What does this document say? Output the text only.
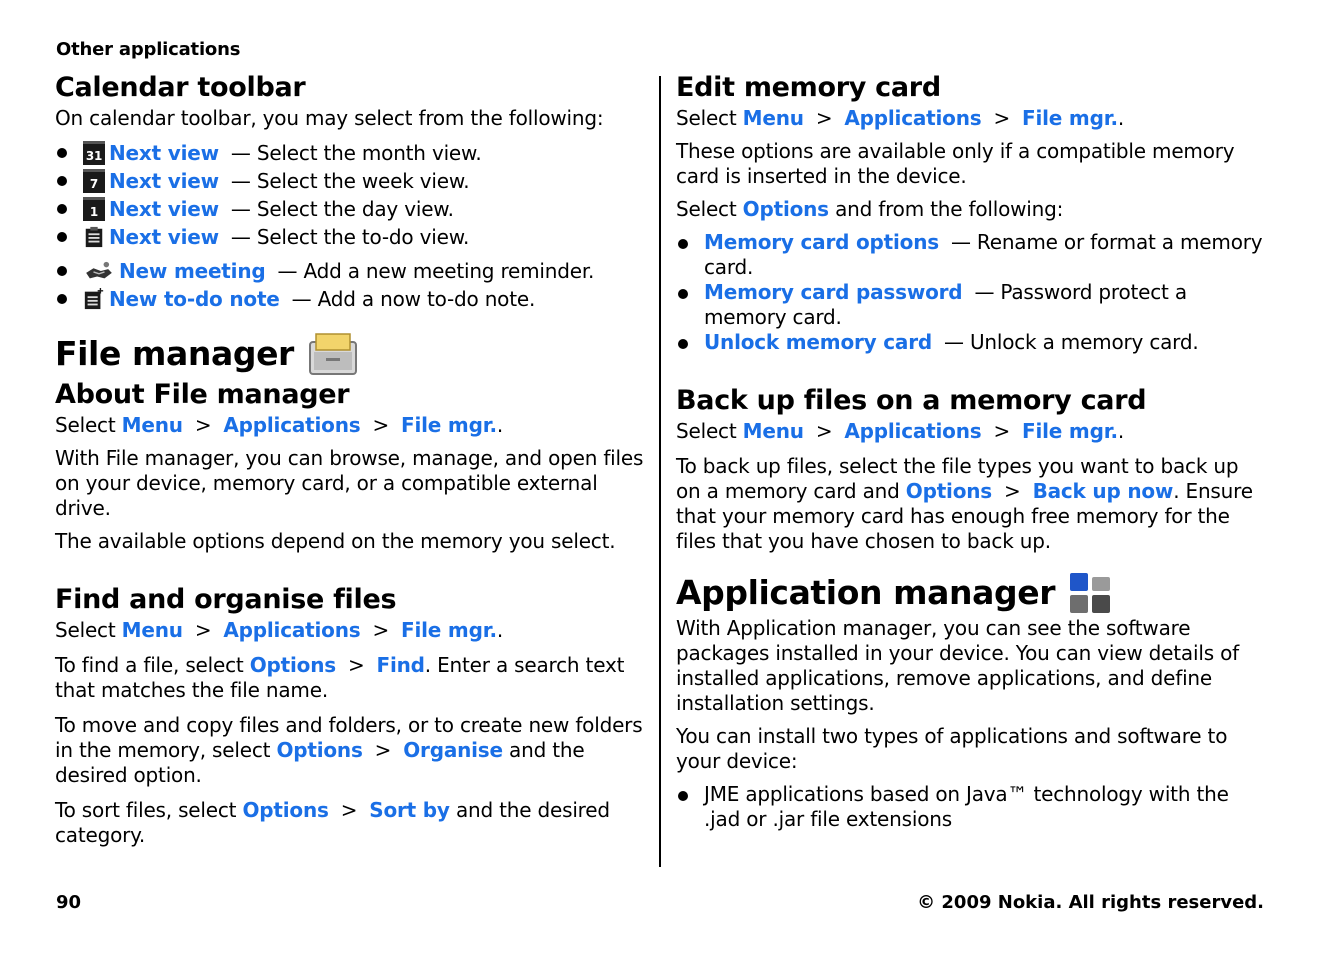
Other applications
Calendar toolbar

On calendar toolbar, you may select from the following:

31 Next view — Select the month view.
7 Next view — Select the week view.
1 Next view — Select the day view.
Next view — Select the to-do view.
New meeting — Add a new meeting reminder.
New to-do note — Add a now to-do note.
File manager
About File manager

Select Menu > Applications > File mgr..

With File manager, you can browse, manage, and open files on your device, memory card, or a compatible external drive.

The available options depend on the memory you select.

Find and organise files

Select Menu > Applications > File mgr..

To find a file, select Options > Find. Enter a search text that matches the file name.

To move and copy files and folders, or to create new folders in the memory, select Options > Organise and the desired option.

To sort files, select Options > Sort by and the desired category.

Edit memory card

Select Menu > Applications > File mgr..

These options are available only if a compatible memory card is inserted in the device.

Select Options and from the following:

Memory card options — Rename or format a memory card.
Memory card password — Password protect a memory card.
Unlock memory card — Unlock a memory card.
Back up files on a memory card

Select Menu > Applications > File mgr..

To back up files, select the file types you want to back up on a memory card and Options > Back up now. Ensure that your memory card has enough free memory for the files that you have chosen to back up.

Application manager

With Application manager, you can see the software packages installed in your device. You can view details of installed applications, remove applications, and define installation settings.

You can install two types of applications and software to your device:

JME applications based on Java™ technology with the .jad or .jar file extensions
90	© 2009 Nokia. All rights reserved.
